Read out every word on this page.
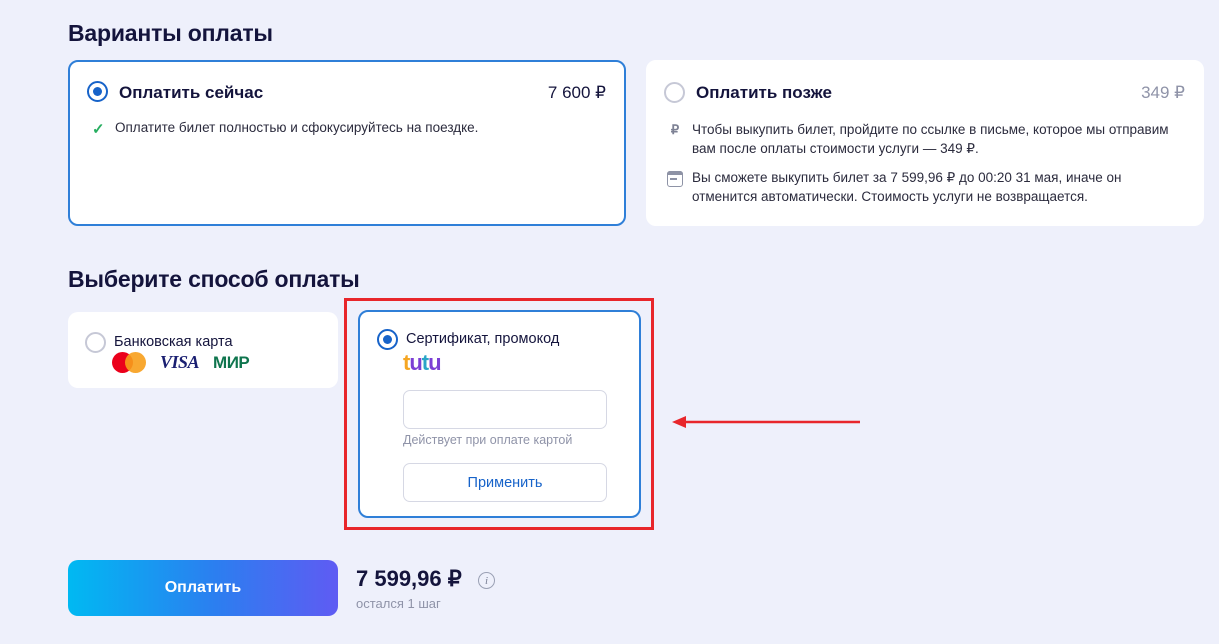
Варианты оплаты
Оплатить сейчас	7 600 ₽
✓ Оплатите билет полностью и сфокусируйтесь на поездке.
Оплатить позже	349 ₽
₽ Чтобы выкупить билет, пройдите по ссылке в письме, которое мы отправим вам после оплаты стоимости услуги — 349 ₽.
Вы сможете выкупить билет за 7 599,96 ₽ до 00:20 31 мая, иначе он отменится автоматически. Стоимость услуги не возвращается.
Выберите способ оплаты
Банковская карта
VISA МИР
Сертификат, промокод
tutu
Действует при оплате картой
Применить
Оплатить	7 599,96 ₽	i
остался 1 шаг
